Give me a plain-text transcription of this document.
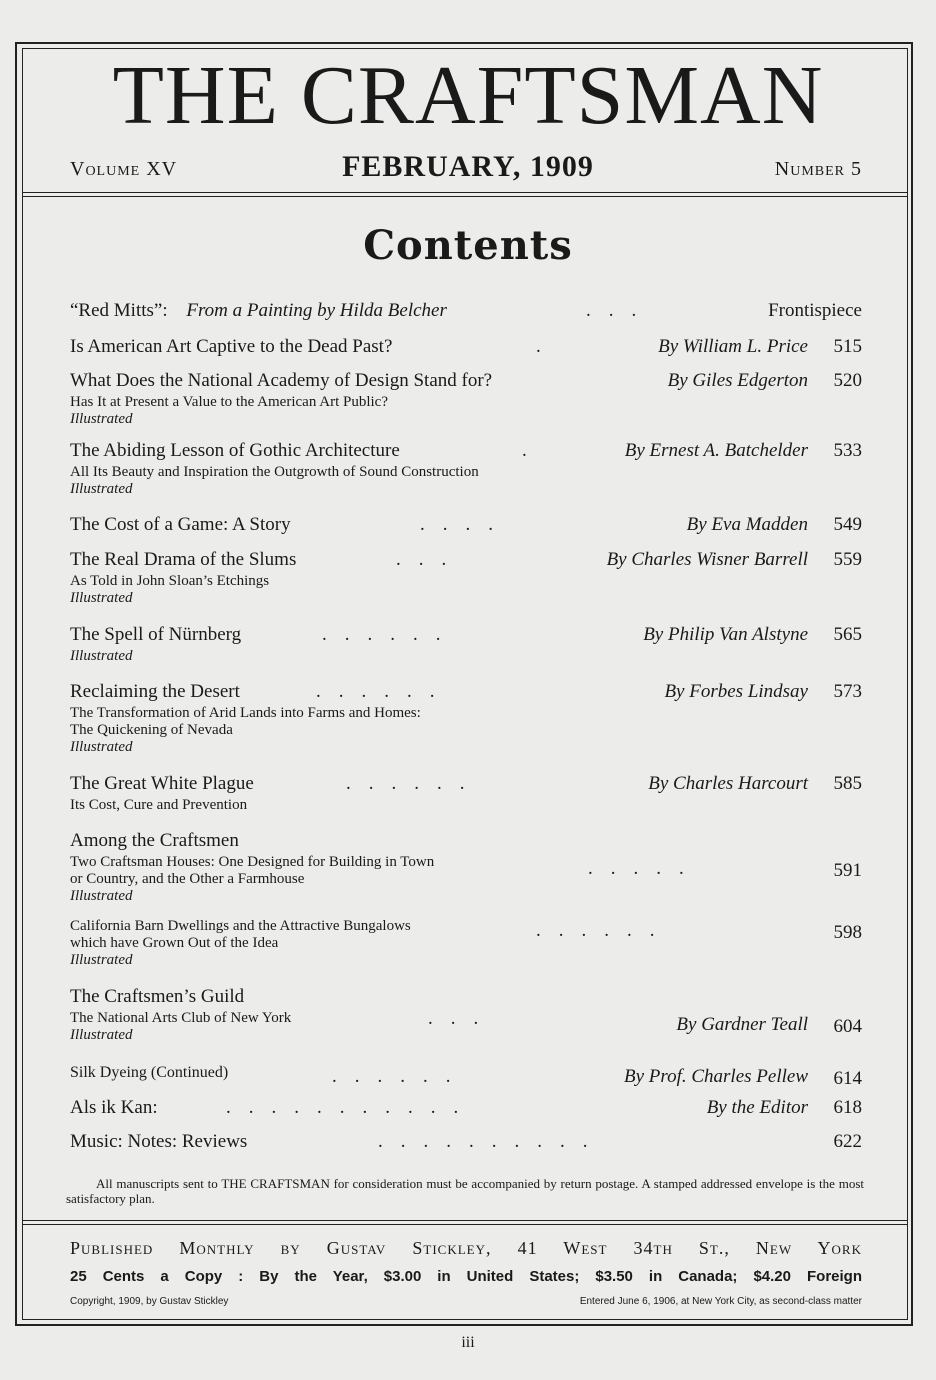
THE CRAFTSMAN
Volume XV	FEBRUARY, 1909	Number 5
Contents
“Red Mitts”: From a Painting by Hilda Belcher	...	Frontispiece
Is American Art Captive to the Dead Past?	.	By William L. Price 515
What Does the National Academy of Design Stand for?	By Giles Edgerton 520
Has It at Present a Value to the American Art Public?
Illustrated
The Abiding Lesson of Gothic Architecture	.	By Ernest A. Batchelder 533
All Its Beauty and Inspiration the Outgrowth of Sound Construction
Illustrated
The Cost of a Game: A Story	....	By Eva Madden 549
The Real Drama of the Slums	...	By Charles Wisner Barrell 559
As Told in John Sloan’s Etchings
Illustrated
The Spell of Nürnberg	......	By Philip Van Alstyne 565
Illustrated
Reclaiming the Desert	......	By Forbes Lindsay 573
The Transformation of Arid Lands into Farms and Homes:
The Quickening of Nevada
Illustrated
The Great White Plague	......	By Charles Harcourt 585
Its Cost, Cure and Prevention
Among the Craftsmen
Two Craftsman Houses: One Designed for Building in Town
or Country, and the Other a Farmhouse
Illustrated
.....	591
California Barn Dwellings and the Attractive Bungalows
which have Grown Out of the Idea
Illustrated
......	598
The Craftsmen’s Guild
The National Arts Club of New York
Illustrated
...	By Gardner Teall 604
Silk Dyeing (Continued)	......	By Prof. Charles Pellew 614
Als ik Kan:	...........	By the Editor 618
Music: Notes: Reviews	..........	622
All manuscripts sent to THE CRAFTSMAN for consideration must be accompanied by return postage. A stamped addressed envelope is the most satisfactory plan.
Published Monthly by Gustav Stickley, 41 West 34th St., New York
25 Cents a Copy : By the Year, $3.00 in United States; $3.50 in Canada; $4.20 Foreign
Copyright, 1909, by Gustav Stickley	Entered June 6, 1906, at New York City, as second-class matter
iii
